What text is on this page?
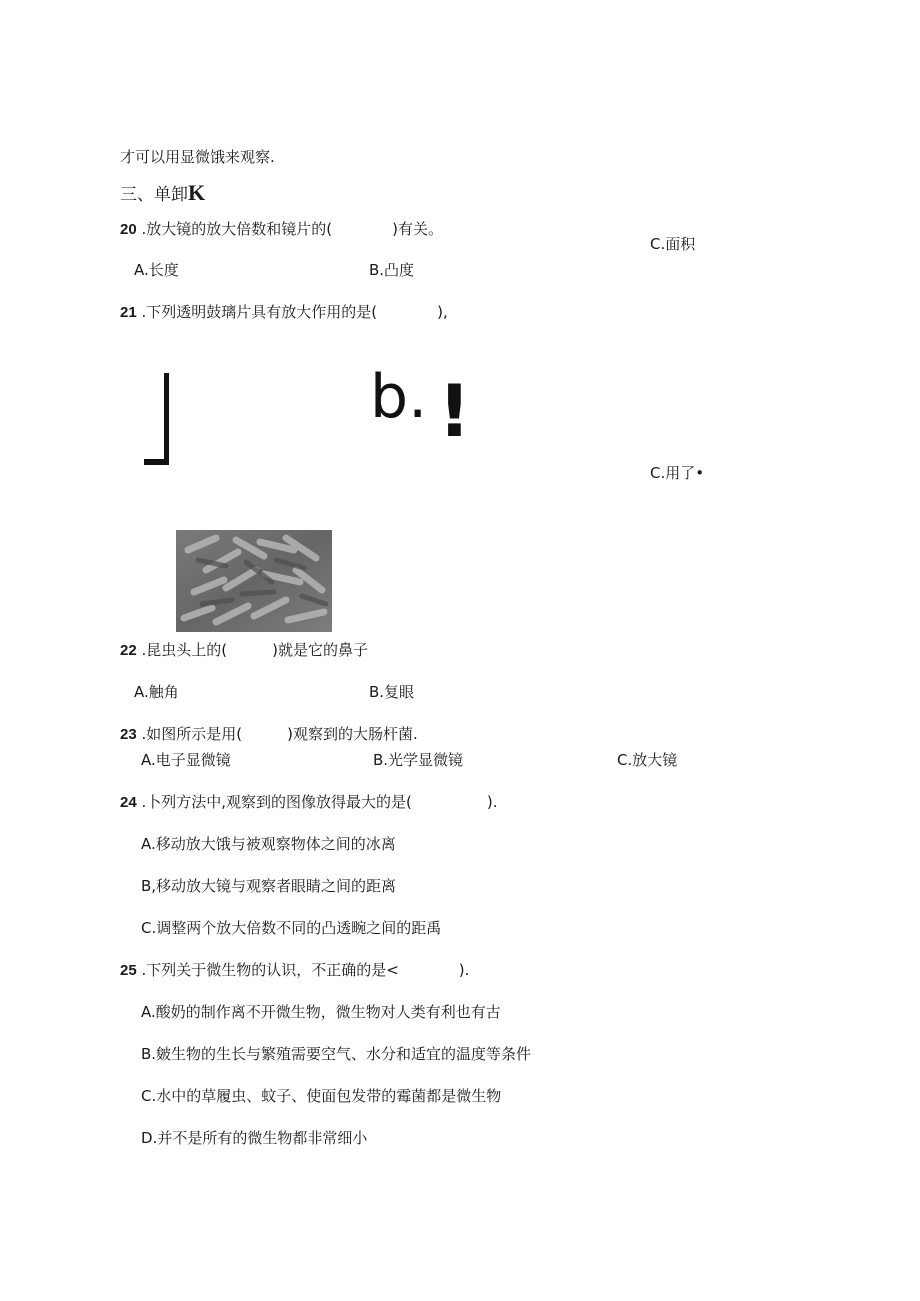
才可以用显微饿来观察.
三、单卸K
20 .放大镜的放大倍数和镜片的(　　　　)有关。
C.面积
A.长度	B.凸度
21 .下列透明鼓璃片具有放大作用的是(　　　　),
b. !
C.用了•
22 .昆虫头上的(　　　)就是它的鼻子
A.触角	B.复眼
23 .如图所示是用(　　　)观察到的大肠杆菌.
A.电子显微镜	B.光学显微镜	C.放大镜
24 .卜列方法中,观察到的图像放得最大的是(　　　　　).
A.移动放大饿与被观察物体之间的冰离
B,移动放大镜与观察者眼睛之间的距离
C.调整两个放大倍数不同的凸透畹之间的距禹
25 .下列关于微生物的认识，不正确的是<　　　　).
A.酸奶的制作离不开微生物，微生物对人类有利也有古
B.皴生物的生长与繁殖需要空气、水分和适宜的温度等条件
C.水中的草履虫、蚊子、使面包发带的霉菌都是微生物
D.并不是所有的微生物都非常细小
